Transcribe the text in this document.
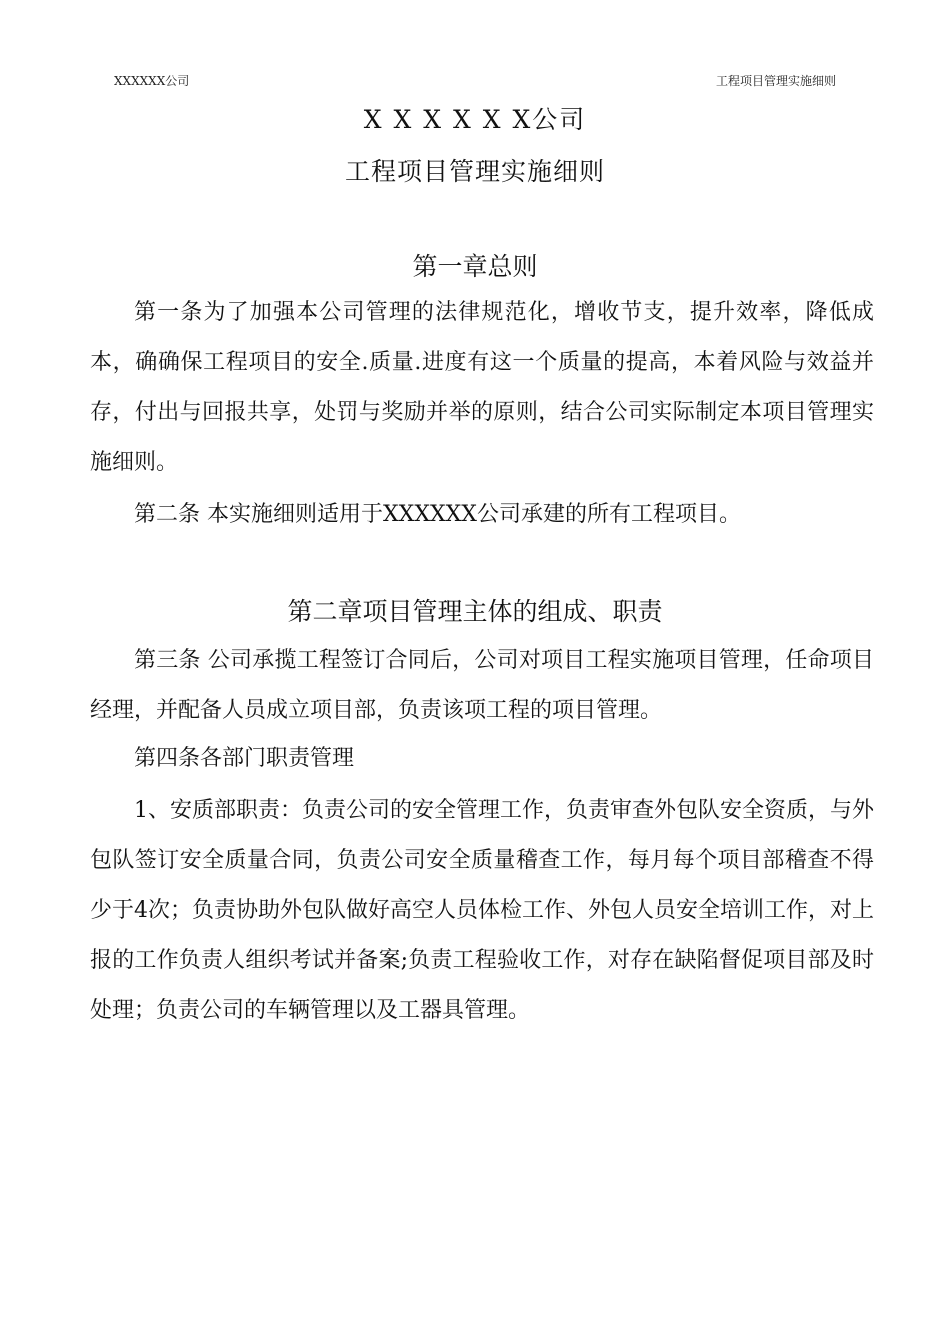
XXXXXX公司	工程项目管理实施细则
X X X X X X公司
工程项目管理实施细则
第一章总则

第一条为了加强本公司管理的法律规范化，增收节支，提升效率，降低成本，确确保工程项目的安全.质量.进度有这一个质量的提高，本着风险与效益并存，付出与回报共享，处罚与奖励并举的原则，结合公司实际制定本项目管理实施细则。

第二条 本实施细则适用于XXXXXX公司承建的所有工程项目。

第二章项目管理主体的组成、职责

第三条 公司承揽工程签订合同后，公司对项目工程实施项目管理，任命项目经理，并配备人员成立项目部，负责该项工程的项目管理。

第四条各部门职责管理

1、安质部职责：负责公司的安全管理工作，负责审查外包队安全资质，与外包队签订安全质量合同，负责公司安全质量稽查工作，每月每个项目部稽查不得少于4次；负责协助外包队做好高空人员体检工作、外包人员安全培训工作，对上报的工作负责人组织考试并备案;负责工程验收工作，对存在缺陷督促项目部及时处理；负责公司的车辆管理以及工器具管理。
